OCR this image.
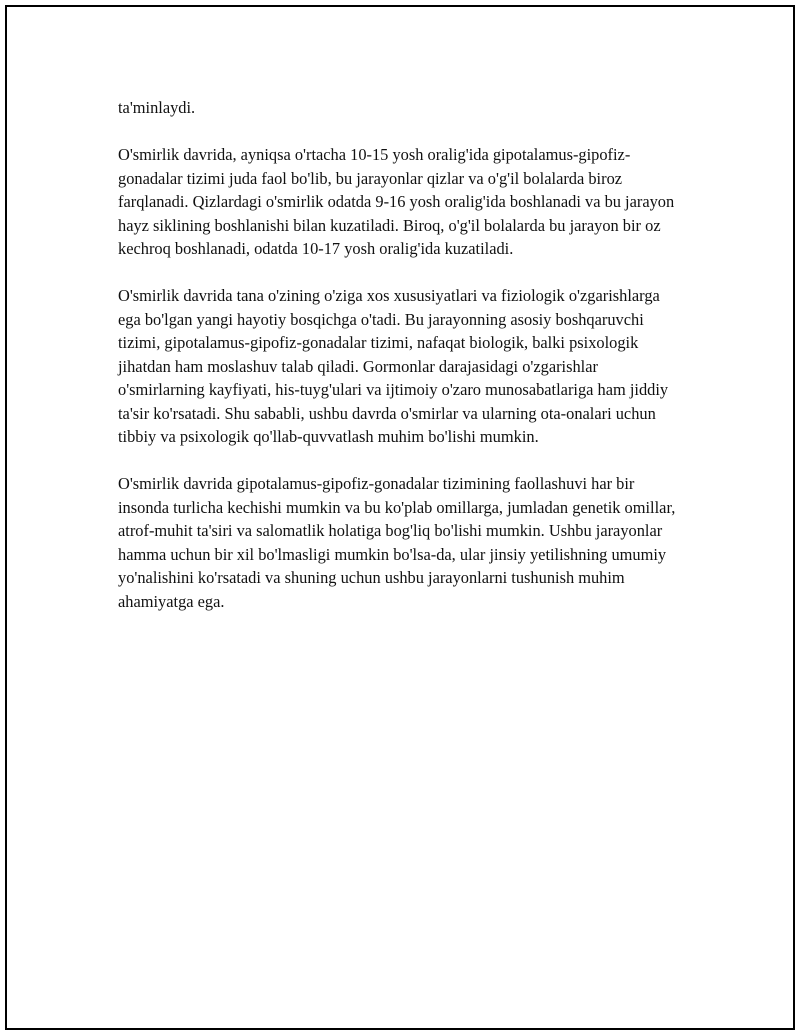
ta'minlaydi.

O'smirlik davrida, ayniqsa o'rtacha 10-15 yosh oralig'ida gipotalamus-gipofiz-gonadalar tizimi juda faol bo'lib, bu jarayonlar qizlar va o'g'il bolalarda biroz farqlanadi. Qizlardagi o'smirlik odatda 9-16 yosh oralig'ida boshlanadi va bu jarayon hayz siklining boshlanishi bilan kuzatiladi. Biroq, o'g'il bolalarda bu jarayon bir oz kechroq boshlanadi, odatda 10-17 yosh oralig'ida kuzatiladi.

O'smirlik davrida tana o'zining o'ziga xos xususiyatlari va fiziologik o'zgarishlarga ega bo'lgan yangi hayotiy bosqichga o'tadi. Bu jarayonning asosiy boshqaruvchi tizimi, gipotalamus-gipofiz-gonadalar tizimi, nafaqat biologik, balki psixologik jihatdan ham moslashuv talab qiladi. Gormonlar darajasidagi o'zgarishlar o'smirlarning kayfiyati, his-tuyg'ulari va ijtimoiy o'zaro munosabatlariga ham jiddiy ta'sir ko'rsatadi. Shu sababli, ushbu davrda o'smirlar va ularning ota-onalari uchun tibbiy va psixologik qo'llab-quvvatlash muhim bo'lishi mumkin.

O'smirlik davrida gipotalamus-gipofiz-gonadalar tizimining faollashuvi har bir insonda turlicha kechishi mumkin va bu ko'plab omillarga, jumladan genetik omillar, atrof-muhit ta'siri va salomatlik holatiga bog'liq bo'lishi mumkin. Ushbu jarayonlar hamma uchun bir xil bo'lmasligi mumkin bo'lsa-da, ular jinsiy yetilishning umumiy yo'nalishini ko'rsatadi va shuning uchun ushbu jarayonlarni tushunish muhim ahamiyatga ega.
